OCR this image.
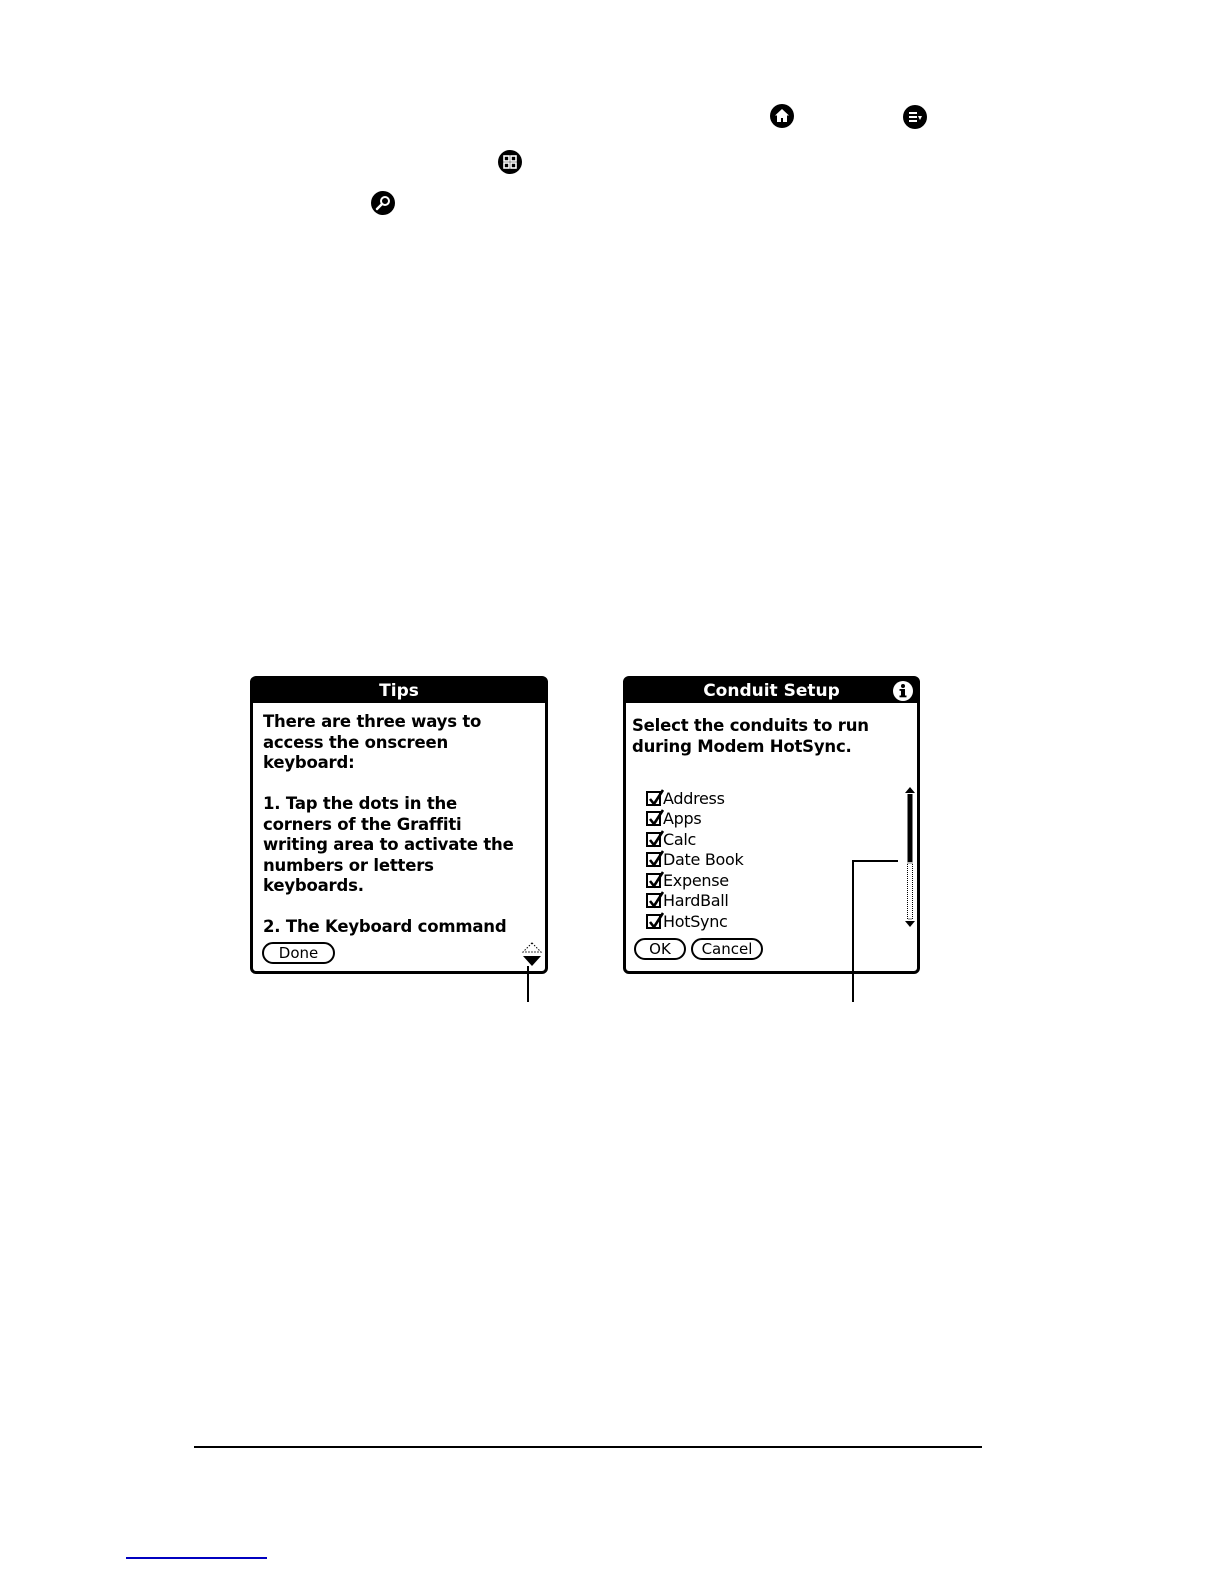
Tips
There are three ways to
access the onscreen
keyboard:
1. Tap the dots in the
corners of the Graffiti
writing area to activate the
numbers or letters
keyboards.
2. The Keyboard command
Done
Conduit Setup
Select the conduits to run
during Modem HotSync.
Address
Apps
Calc
Date Book
Expense
HardBall
HotSync
OK	Cancel
